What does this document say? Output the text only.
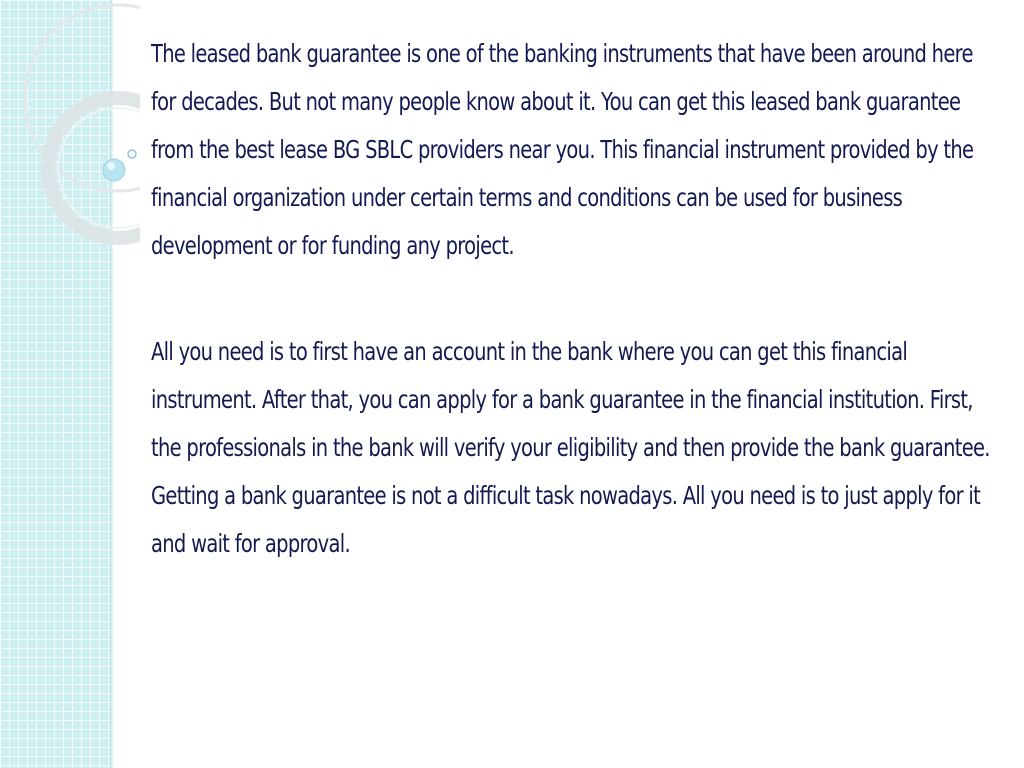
The leased bank guarantee is one of the banking instruments that have been around here for decades. But not many people know about it. You can get this leased bank guarantee from the best lease BG SBLC providers near you. This financial instrument provided by the financial organization under certain terms and conditions can be used for business development or for funding any project.

All you need is to first have an account in the bank where you can get this financial instrument. After that, you can apply for a bank guarantee in the financial institution. First, the professionals in the bank will verify your eligibility and then provide the bank guarantee. Getting a bank guarantee is not a difficult task nowadays. All you need is to just apply for it and wait for approval.
